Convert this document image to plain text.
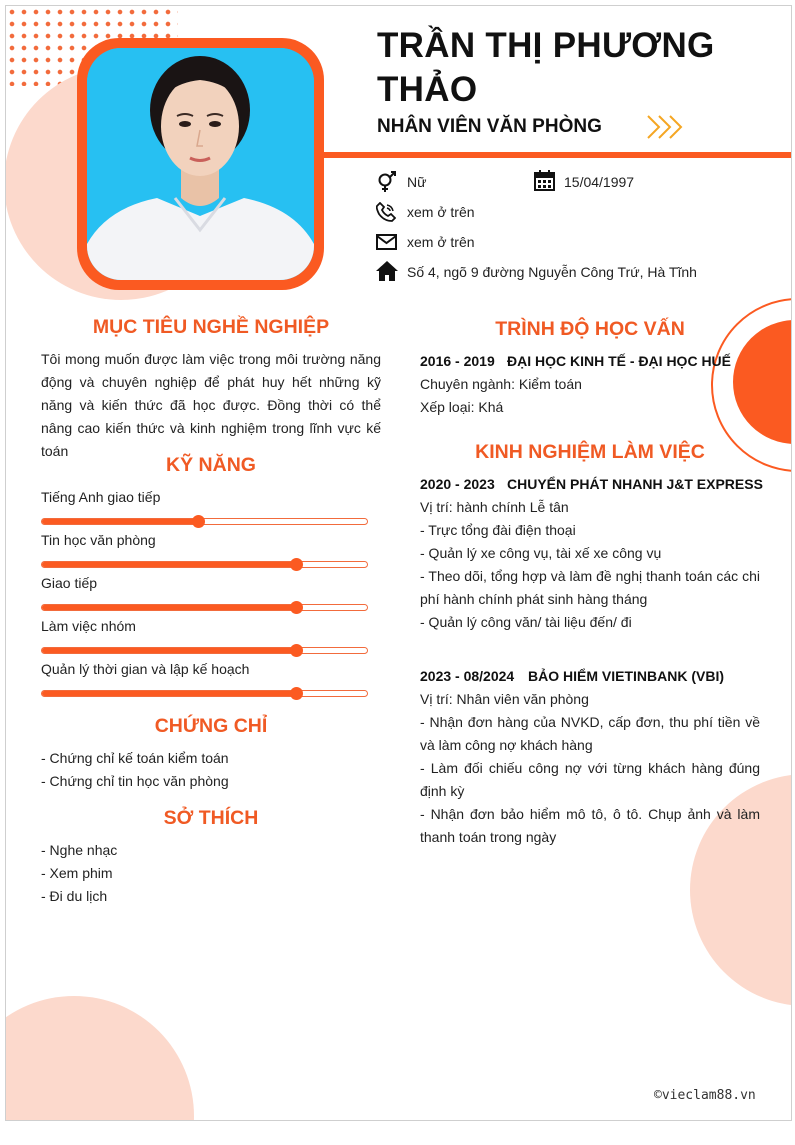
TRẦN THỊ PHƯƠNG
THẢO
NHÂN VIÊN VĂN PHÒNG
Nữ	15/04/1997
xem ở trên
xem ở trên
Số 4, ngõ 9 đường Nguyễn Công Trứ, Hà Tĩnh
MỤC TIÊU NGHỀ NGHIỆP
Tôi mong muốn được làm việc trong môi trường năng động và chuyên nghiệp để phát huy hết những kỹ năng và kiến thức đã học được. Đồng thời có thể nâng cao kiến thức và kinh nghiệm trong lĩnh vực kế toán
KỸ NĂNG
Tiếng Anh giao tiếp
Tin học văn phòng
Giao tiếp
Làm việc nhóm
Quản lý thời gian và lập kế hoạch
CHỨNG CHỈ
- Chứng chỉ kế toán kiểm toán
- Chứng chỉ tin học văn phòng
SỞ THÍCH
- Nghe nhạc
- Xem phim
- Đi du lịch
TRÌNH ĐỘ HỌC VẤN
2016 - 2019 ĐẠI HỌC KINH TẾ - ĐẠI HỌC HUẾ
Chuyên ngành: Kiểm toán
Xếp loại: Khá
KINH NGHIỆM LÀM VIỆC
2020 - 2023 CHUYỂN PHÁT NHANH J&T EXPRESS
Vị trí: hành chính Lễ tân
- Trực tổng đài điện thoại
- Quản lý xe công vụ, tài xế xe công vụ
- Theo dõi, tổng hợp và làm đề nghị thanh toán các chi phí hành chính phát sinh hàng tháng
- Quản lý công văn/ tài liệu đến/ đi
2023 - 08/2024 BẢO HIỂM VIETINBANK (VBI)
Vị trí: Nhân viên văn phòng
- Nhận đơn hàng của NVKD, cấp đơn, thu phí tiền về và làm công nợ khách hàng
- Làm đối chiếu công nợ với từng khách hàng đúng định kỳ
- Nhận đơn bảo hiểm mô tô, ô tô. Chụp ảnh và làm thanh toán trong ngày
©vieclam88.vn
